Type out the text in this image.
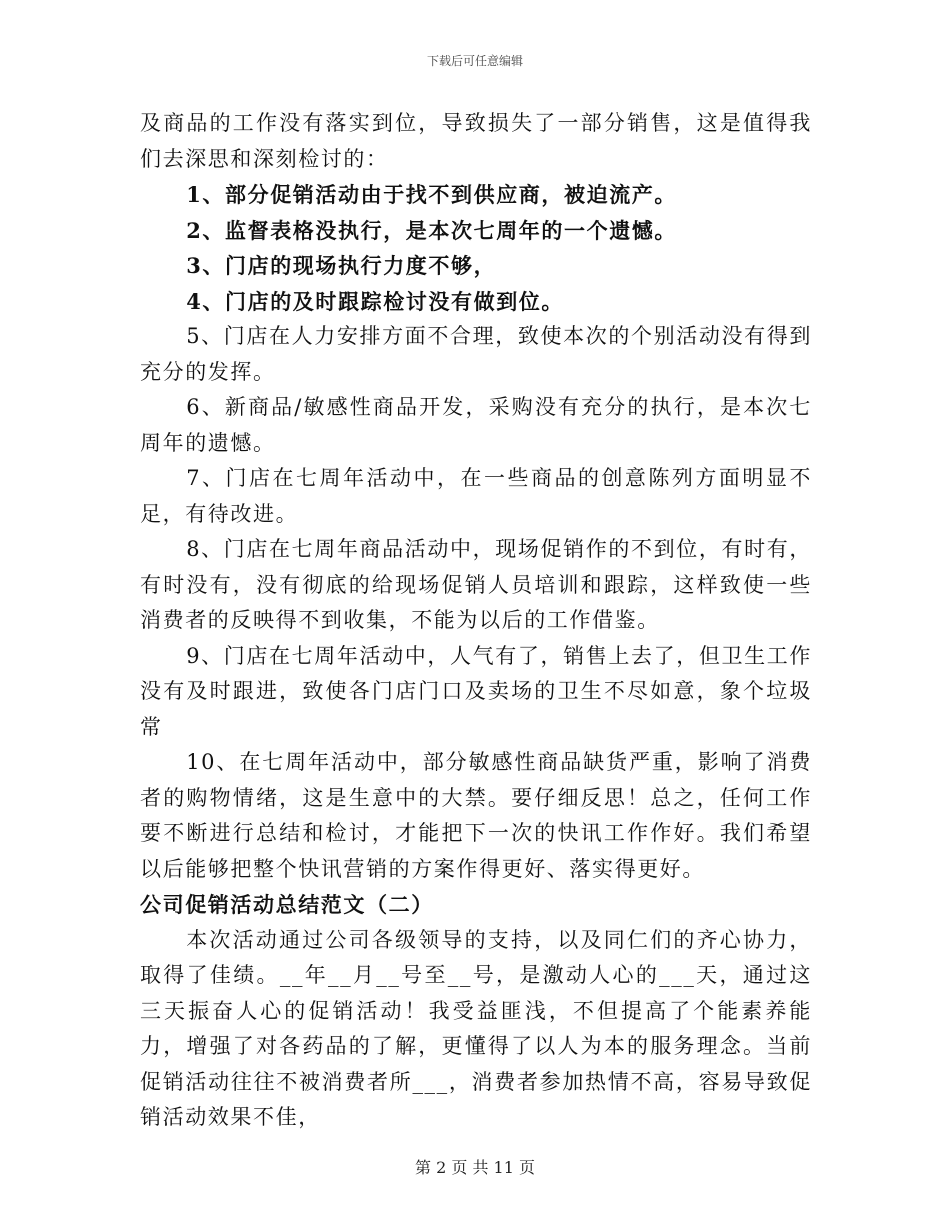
下载后可任意编辑

及商品的工作没有落实到位，导致损失了一部分销售，这是值得我们去深思和深刻检讨的：

1、部分促销活动由于找不到供应商，被迫流产。

2、监督表格没执行，是本次七周年的一个遗憾。

3、门店的现场执行力度不够，

4、门店的及时跟踪检讨没有做到位。

5、门店在人力安排方面不合理，致使本次的个别活动没有得到充分的发挥。

6、新商品/敏感性商品开发，采购没有充分的执行，是本次七周年的遗憾。

7、门店在七周年活动中，在一些商品的创意陈列方面明显不足，有待改进。

8、门店在七周年商品活动中，现场促销作的不到位，有时有，有时没有，没有彻底的给现场促销人员培训和跟踪，这样致使一些消费者的反映得不到收集，不能为以后的工作借鉴。

9、门店在七周年活动中，人气有了，销售上去了，但卫生工作没有及时跟进，致使各门店门口及卖场的卫生不尽如意，象个垃圾常

10、在七周年活动中，部分敏感性商品缺货严重，影响了消费者的购物情绪，这是生意中的大禁。要仔细反思！总之，任何工作要不断进行总结和检讨，才能把下一次的快讯工作作好。我们希望以后能够把整个快讯营销的方案作得更好、落实得更好。

公司促销活动总结范文（二）

本次活动通过公司各级领导的支持，以及同仁们的齐心协力，取得了佳绩。__年__月__号至__号，是激动人心的___天，通过这三天振奋人心的促销活动！我受益匪浅，不但提高了个能素养能力，增强了对各药品的了解，更懂得了以人为本的服务理念。当前促销活动往往不被消费者所___，消费者参加热情不高，容易导致促销活动效果不佳，

第 2 页 共 11 页
